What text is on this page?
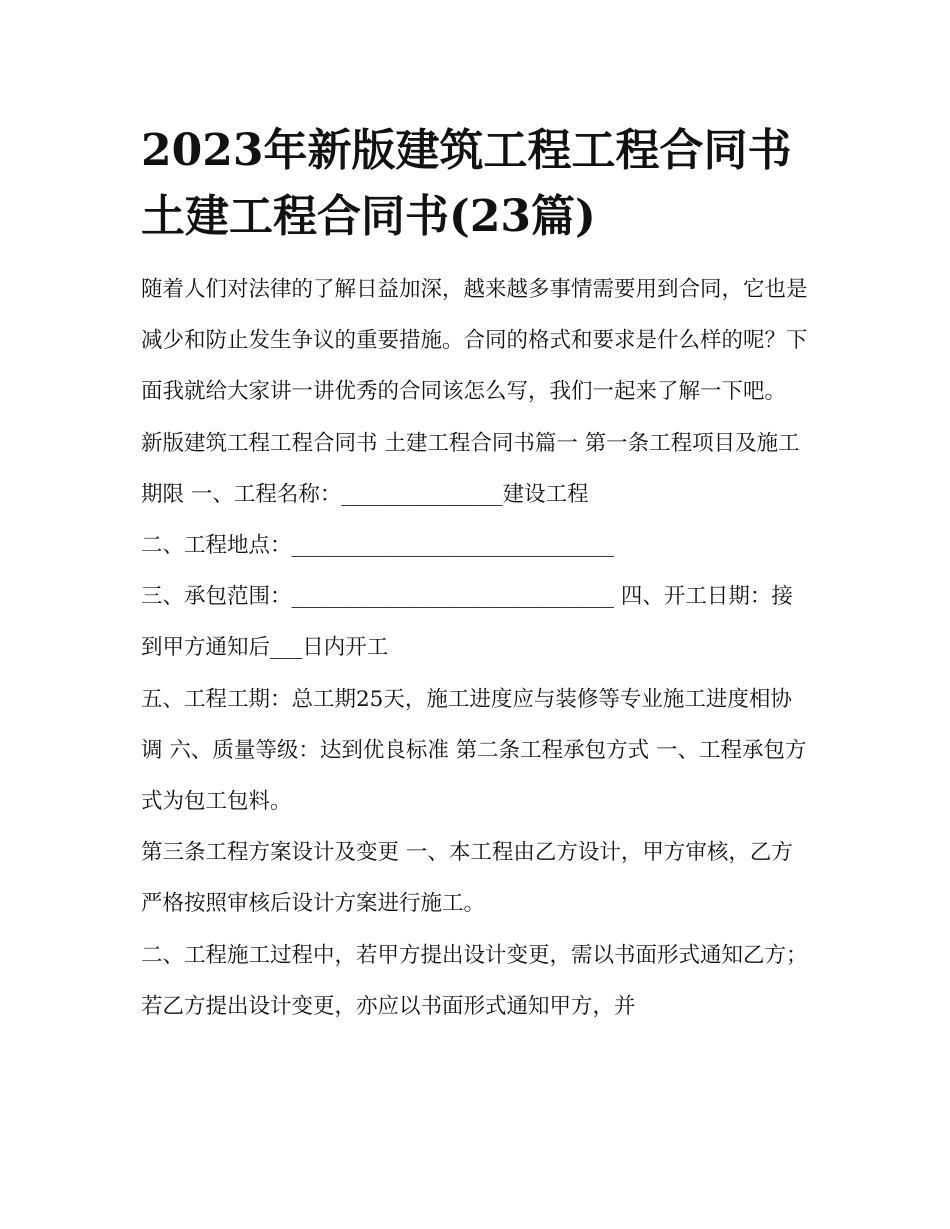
2023年新版建筑工程工程合同书 土建工程合同书(23篇)

随着人们对法律的了解日益加深，越来越多事情需要用到合同，它也是减少和防止发生争议的重要措施。合同的格式和要求是什么样的呢？下面我就给大家讲一讲优秀的合同该怎么写，我们一起来了解一下吧。

新版建筑工程工程合同书 土建工程合同书篇一 第一条工程项目及施工期限 一、工程名称：_______________建设工程

二、工程地点：______________________________

三、承包范围：______________________________ 四、开工日期：接到甲方通知后___日内开工

五、工程工期：总工期25天，施工进度应与装修等专业施工进度相协调 六、质量等级：达到优良标准 第二条工程承包方式 一、工程承包方式为包工包料。

第三条工程方案设计及变更 一、本工程由乙方设计，甲方审核，乙方严格按照审核后设计方案进行施工。

二、工程施工过程中，若甲方提出设计变更，需以书面形式通知乙方；若乙方提出设计变更，亦应以书面形式通知甲方，并
